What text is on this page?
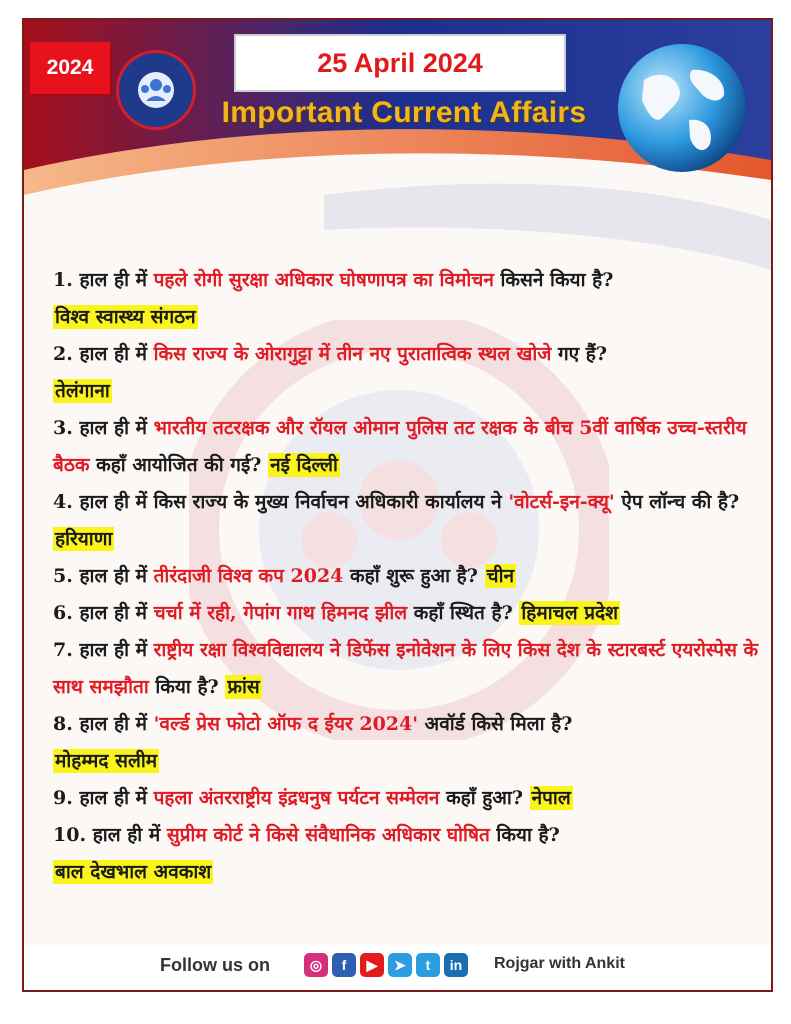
2024	25 April 2024
Important Current Affairs

1. हाल ही में पहले रोगी सुरक्षा अधिकार घोषणापत्र का विमोचन किसने किया है?
विश्व स्वास्थ्य संगठन

2. हाल ही में किस राज्य के ओरागुट्टा में तीन नए पुरातात्विक स्थल खोजे गए हैं?
तेलंगाना

3. हाल ही में भारतीय तटरक्षक और रॉयल ओमान पुलिस तट रक्षक के बीच 5वीं वार्षिक उच्च-स्तरीय बैठक कहाँ आयोजित की गई? नई दिल्ली

4. हाल ही में किस राज्य के मुख्य निर्वाचन अधिकारी कार्यालय ने 'वोटर्स-इन-क्यू' ऐप लॉन्च की है? हरियाणा

5. हाल ही में तीरंदाजी विश्व कप 2024 कहाँ शुरू हुआ है? चीन

6. हाल ही में चर्चा में रही, गेपांग गाथ हिमनद झील कहाँ स्थित है? हिमाचल प्रदेश

7. हाल ही में राष्ट्रीय रक्षा विश्वविद्यालय ने डिफेंस इनोवेशन के लिए किस देश के स्टारबर्स्ट एयरोस्पेस के साथ समझौता किया है? फ्रांस

8. हाल ही में 'वर्ल्ड प्रेस फोटो ऑफ द ईयर 2024' अवॉर्ड किसे मिला है?
मोहम्मद सलीम

9. हाल ही में पहला अंतरराष्ट्रीय इंद्रधनुष पर्यटन सम्मेलन कहाँ हुआ? नेपाल

10. हाल ही में सुप्रीम कोर्ट ने किसे संवैधानिक अधिकार घोषित किया है?
बाल देखभाल अवकाश

Follow us on	◎	f	▶	➤	t	in	Rojgar with Ankit
